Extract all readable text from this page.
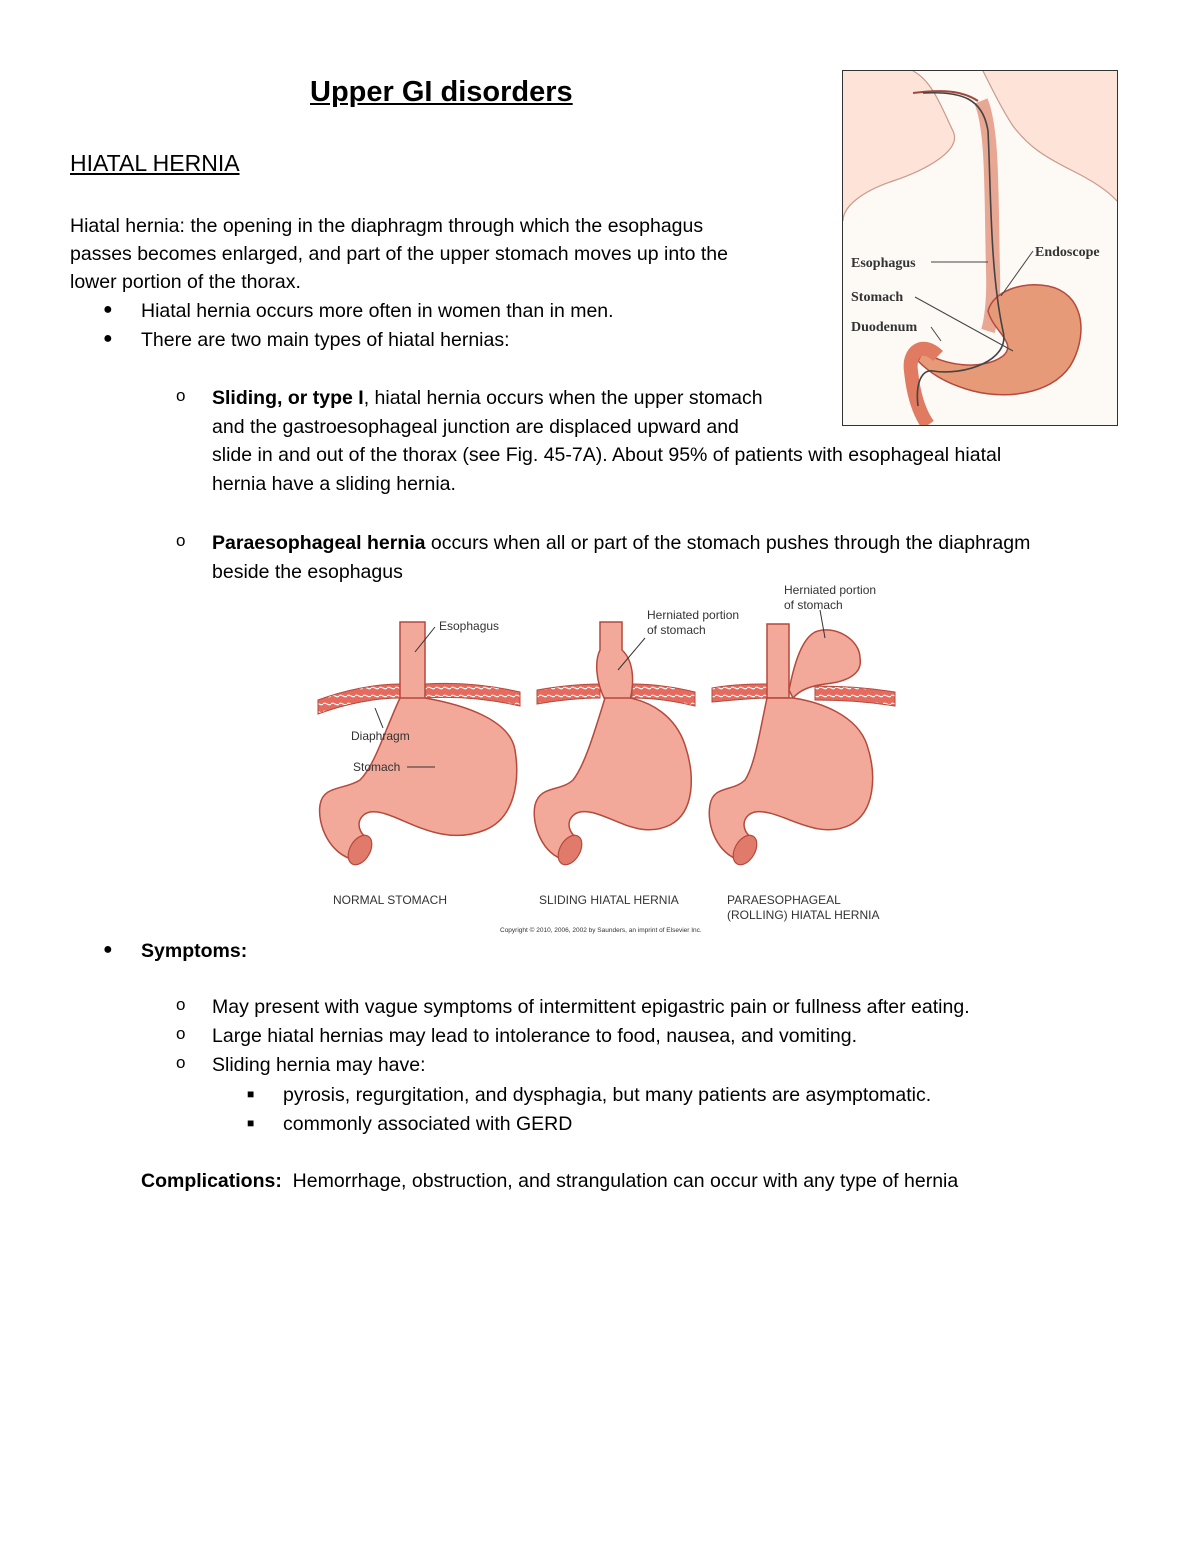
Upper GI disorders
HIATAL HERNIA
Hiatal hernia: the opening in the diaphragm through which the esophagus
passes becomes enlarged, and part of the upper stomach moves up into the
lower portion of the thorax.
● Hiatal hernia occurs more often in women than in men.
● There are two main types of hiatal hernias:
o Sliding, or type I, hiatal hernia occurs when the upper stomach
and the gastroesophageal junction are displaced upward and
slide in and out of the thorax (see Fig. 45-7A). About 95% of patients with esophageal hiatal
hernia have a sliding hernia.
o Paraesophageal hernia occurs when all or part of the stomach pushes through the diaphragm
beside the esophagus
Esophagus
Endoscope
Stomach
Duodenum
Esophagus
Diaphragm
Stomach
NORMAL STOMACH
Herniated portion
of stomach
SLIDING HIATAL HERNIA
Herniated portion
of stomach
PARAESOPHAGEAL
(ROLLING) HIATAL HERNIA
Copyright © 2010, 2006, 2002 by Saunders, an imprint of Elsevier Inc.
● Symptoms:
o May present with vague symptoms of intermittent epigastric pain or fullness after eating.
o Large hiatal hernias may lead to intolerance to food, nausea, and vomiting.
o Sliding hernia may have:
■ pyrosis, regurgitation, and dysphagia, but many patients are asymptomatic.
■ commonly associated with GERD
Complications:  Hemorrhage, obstruction, and strangulation can occur with any type of hernia
